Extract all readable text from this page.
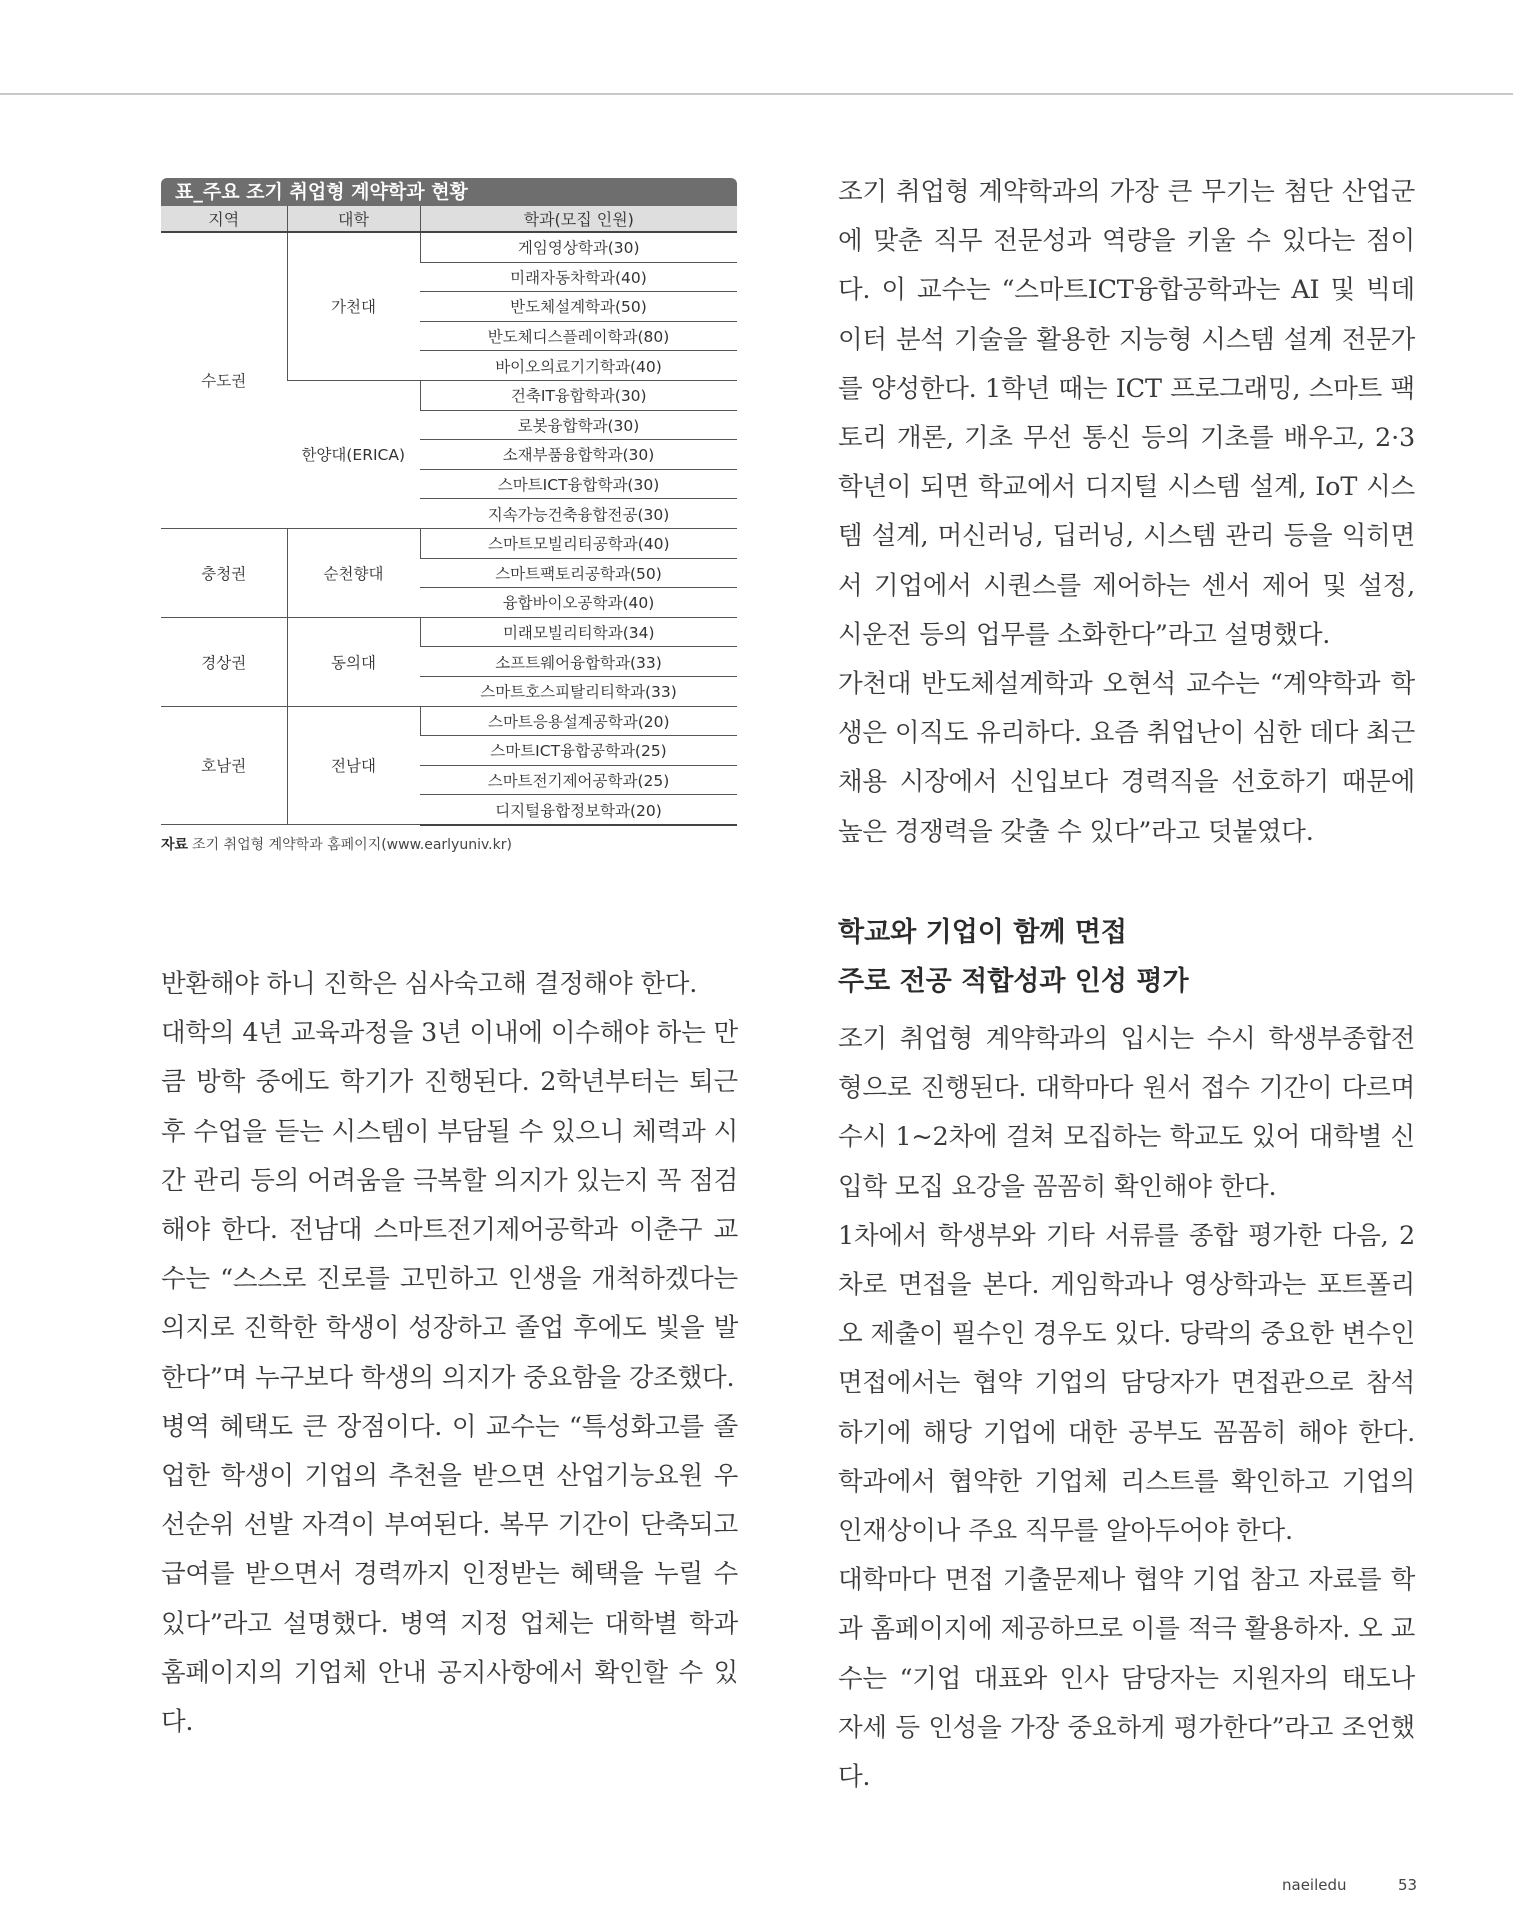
표_주요 조기 취업형 계약학과 현황
지역	대학	학과(모집 인원)
수도권	가천대	게임영상학과(30)
		미래자동차학과(40)
		반도체설계학과(50)
		반도체디스플레이학과(80)
		바이오의료기기학과(40)
	한양대(ERICA)	건축IT융합학과(30)
		로봇융합학과(30)
		소재부품융합학과(30)
		스마트ICT융합학과(30)
		지속가능건축융합전공(30)
충청권	순천향대	스마트모빌리티공학과(40)
		스마트팩토리공학과(50)
		융합바이오공학과(40)
경상권	동의대	미래모빌리티학과(34)
		소프트웨어융합학과(33)
		스마트호스피탈리티학과(33)
호남권	전남대	스마트응용설계공학과(20)
		스마트ICT융합공학과(25)
		스마트전기제어공학과(25)
		디지털융합정보학과(20)
자료 조기 취업형 계약학과 홈페이지(www.earlyuniv.kr)

반환해야 하니 진학은 심사숙고해 결정해야 한다.

대학의 4년 교육과정을 3년 이내에 이수해야 하는 만큼 방학 중에도 학기가 진행된다. 2학년부터는 퇴근 후 수업을 듣는 시스템이 부담될 수 있으니 체력과 시간 관리 등의 어려움을 극복할 의지가 있는지 꼭 점검해야 한다. 전남대 스마트전기제어공학과 이춘구 교수는 “스스로 진로를 고민하고 인생을 개척하겠다는 의지로 진학한 학생이 성장하고 졸업 후에도 빛을 발한다”며 누구보다 학생의 의지가 중요함을 강조했다.

병역 혜택도 큰 장점이다. 이 교수는 “특성화고를 졸업한 학생이 기업의 추천을 받으면 산업기능요원 우선순위 선발 자격이 부여된다. 복무 기간이 단축되고 급여를 받으면서 경력까지 인정받는 혜택을 누릴 수 있다”라고 설명했다. 병역 지정 업체는 대학별 학과 홈페이지의 기업체 안내 공지사항에서 확인할 수 있다.

조기 취업형 계약학과의 가장 큰 무기는 첨단 산업군에 맞춘 직무 전문성과 역량을 키울 수 있다는 점이다. 이 교수는 “스마트ICT융합공학과는 AI 및 빅데이터 분석 기술을 활용한 지능형 시스템 설계 전문가를 양성한다. 1학년 때는 ICT 프로그래밍, 스마트 팩토리 개론, 기초 무선 통신 등의 기초를 배우고, 2·3학년이 되면 학교에서 디지털 시스템 설계, IoT 시스템 설계, 머신러닝, 딥러닝, 시스템 관리 등을 익히면서 기업에서 시퀀스를 제어하는 센서 제어 및 설정, 시운전 등의 업무를 소화한다”라고 설명했다.

가천대 반도체설계학과 오현석 교수는 “계약학과 학생은 이직도 유리하다. 요즘 취업난이 심한 데다 최근 채용 시장에서 신입보다 경력직을 선호하기 때문에 높은 경쟁력을 갖출 수 있다”라고 덧붙였다.

학교와 기업이 함께 면접
주로 전공 적합성과 인성 평가

조기 취업형 계약학과의 입시는 수시 학생부종합전형으로 진행된다. 대학마다 원서 접수 기간이 다르며 수시 1~2차에 걸쳐 모집하는 학교도 있어 대학별 신입학 모집 요강을 꼼꼼히 확인해야 한다.

1차에서 학생부와 기타 서류를 종합 평가한 다음, 2차로 면접을 본다. 게임학과나 영상학과는 포트폴리오 제출이 필수인 경우도 있다. 당락의 중요한 변수인 면접에서는 협약 기업의 담당자가 면접관으로 참석하기에 해당 기업에 대한 공부도 꼼꼼히 해야 한다. 학과에서 협약한 기업체 리스트를 확인하고 기업의 인재상이나 주요 직무를 알아두어야 한다.

대학마다 면접 기출문제나 협약 기업 참고 자료를 학과 홈페이지에 제공하므로 이를 적극 활용하자. 오 교수는 “기업 대표와 인사 담당자는 지원자의 태도나 자세 등 인성을 가장 중요하게 평가한다”라고 조언했다.

naeiledu	53
